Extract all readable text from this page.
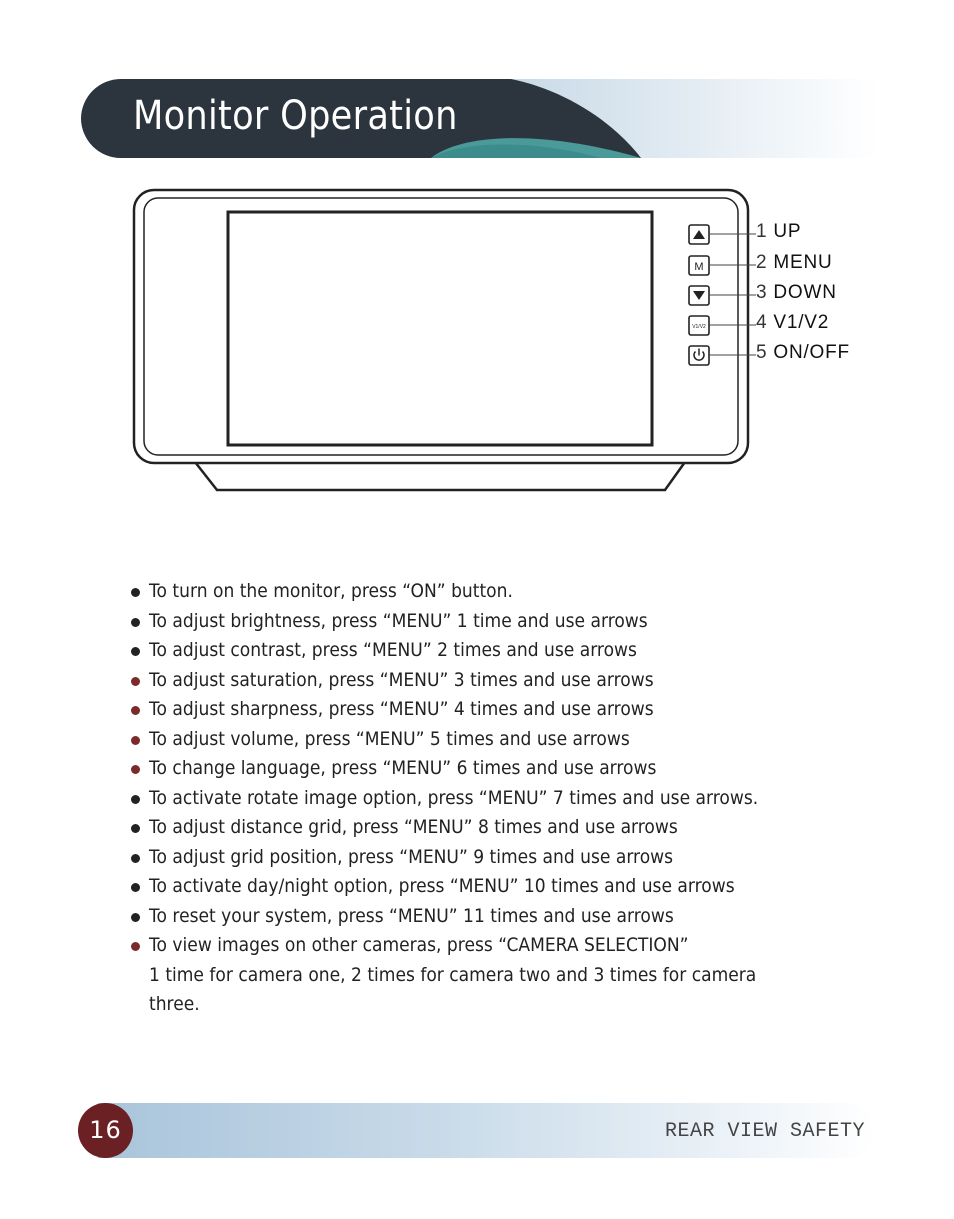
Monitor Operation
M
V1/V2
1 UP
2 MENU
3 DOWN
4 V1/V2
5 ON/OFF
To turn on the monitor, press “ON” button.
To adjust brightness, press “MENU” 1 time and use arrows
To adjust contrast, press “MENU” 2 times and use arrows
To adjust saturation, press “MENU” 3 times and use arrows
To adjust sharpness, press “MENU” 4 times and use arrows
To adjust volume, press “MENU” 5 times and use arrows
To change language, press “MENU” 6 times and use arrows
To activate rotate image option, press “MENU” 7 times and use arrows.
To adjust distance grid, press “MENU” 8 times and use arrows
To adjust grid position, press “MENU” 9 times and use arrows
To activate day/night option, press “MENU” 10 times and use arrows
To reset your system, press “MENU” 11 times and use arrows
To view images on other cameras, press “CAMERA SELECTION”
1 time for camera one, 2 times for camera two and 3 times for camera
three.
REAR VIEW SAFETY
16
